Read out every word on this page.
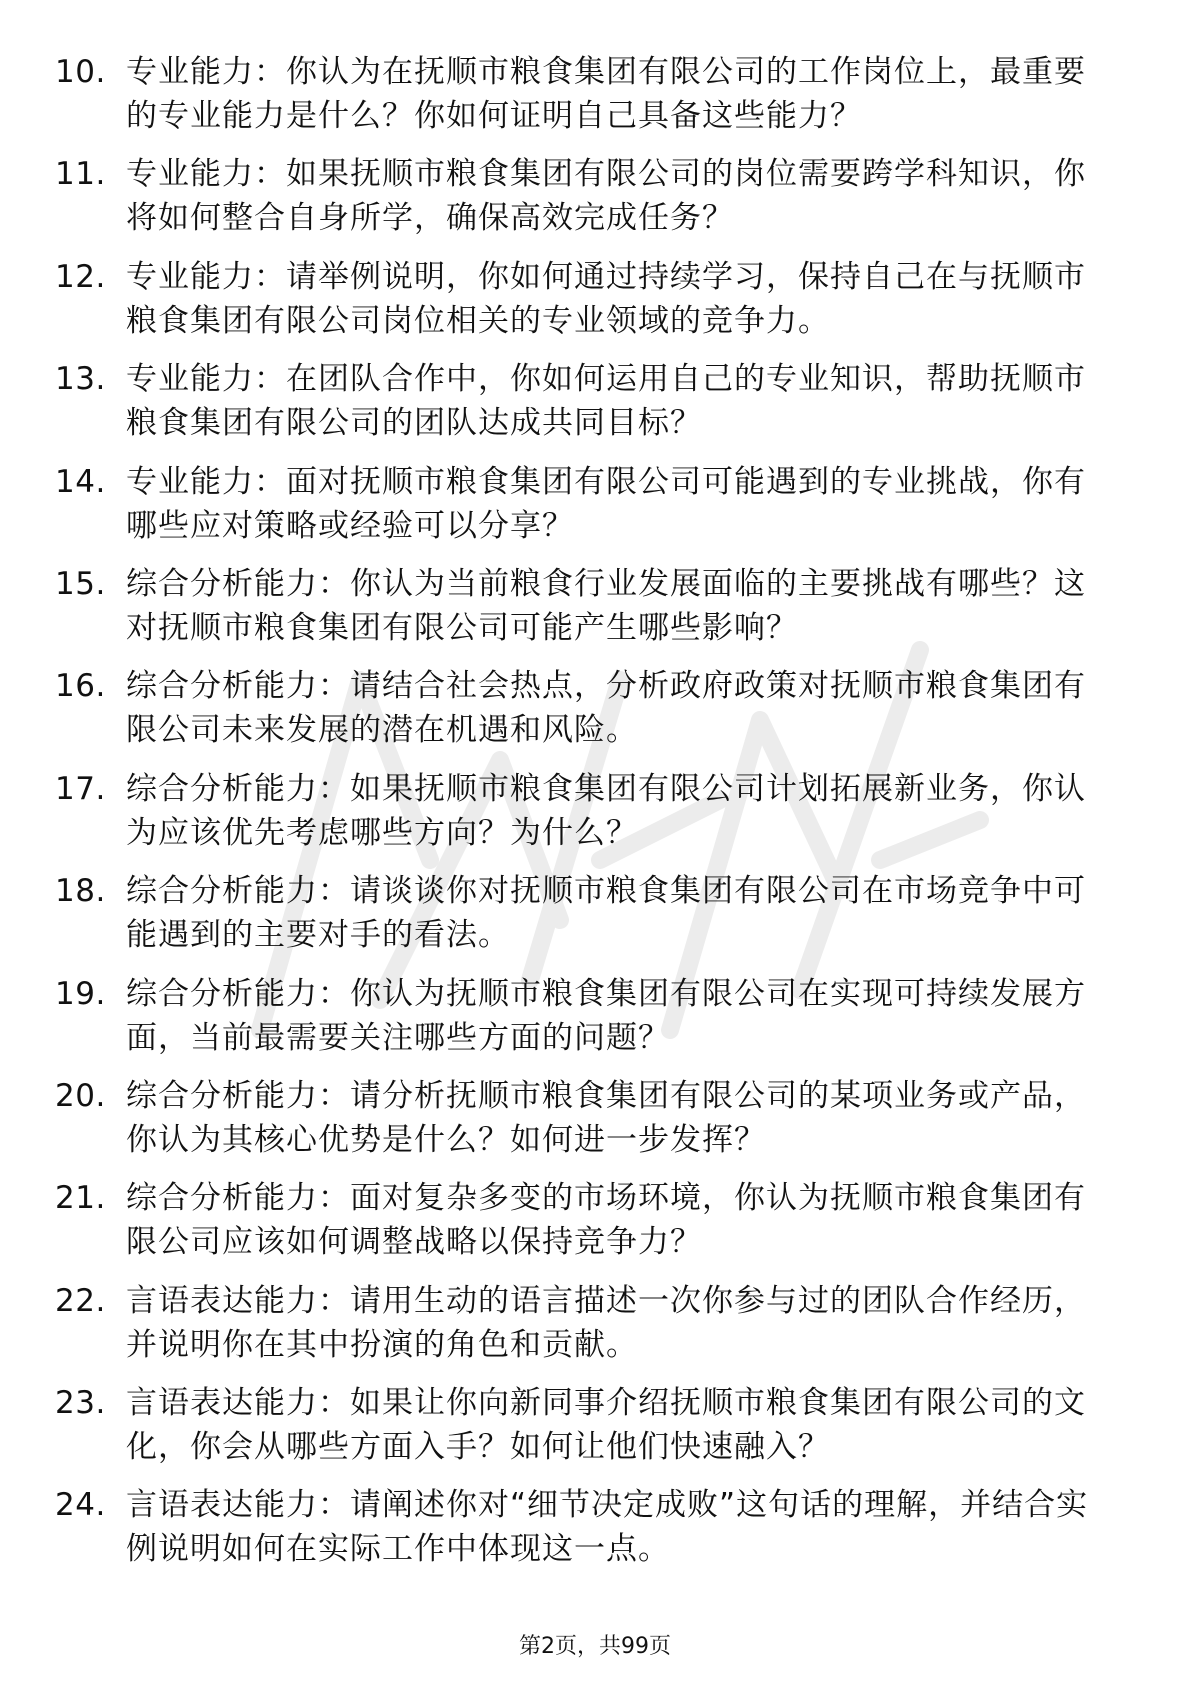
10. 专业能力：你认为在抚顺市粮食集团有限公司的工作岗位上，最重要的专业能力是什么？你如何证明自己具备这些能力？
11. 专业能力：如果抚顺市粮食集团有限公司的岗位需要跨学科知识，你将如何整合自身所学，确保高效完成任务？
12. 专业能力：请举例说明，你如何通过持续学习，保持自己在与抚顺市粮食集团有限公司岗位相关的专业领域的竞争力。
13. 专业能力：在团队合作中，你如何运用自己的专业知识，帮助抚顺市粮食集团有限公司的团队达成共同目标？
14. 专业能力：面对抚顺市粮食集团有限公司可能遇到的专业挑战，你有哪些应对策略或经验可以分享？
15. 综合分析能力：你认为当前粮食行业发展面临的主要挑战有哪些？这对抚顺市粮食集团有限公司可能产生哪些影响？
16. 综合分析能力：请结合社会热点，分析政府政策对抚顺市粮食集团有限公司未来发展的潜在机遇和风险。
17. 综合分析能力：如果抚顺市粮食集团有限公司计划拓展新业务，你认为应该优先考虑哪些方向？为什么？
18. 综合分析能力：请谈谈你对抚顺市粮食集团有限公司在市场竞争中可能遇到的主要对手的看法。
19. 综合分析能力：你认为抚顺市粮食集团有限公司在实现可持续发展方面，当前最需要关注哪些方面的问题？
20. 综合分析能力：请分析抚顺市粮食集团有限公司的某项业务或产品，你认为其核心优势是什么？如何进一步发挥？
21. 综合分析能力：面对复杂多变的市场环境，你认为抚顺市粮食集团有限公司应该如何调整战略以保持竞争力？
22. 言语表达能力：请用生动的语言描述一次你参与过的团队合作经历，并说明你在其中扮演的角色和贡献。
23. 言语表达能力：如果让你向新同事介绍抚顺市粮食集团有限公司的文化，你会从哪些方面入手？如何让他们快速融入？
24. 言语表达能力：请阐述你对“细节决定成败”这句话的理解，并结合实例说明如何在实际工作中体现这一点。
第2页，共99页
